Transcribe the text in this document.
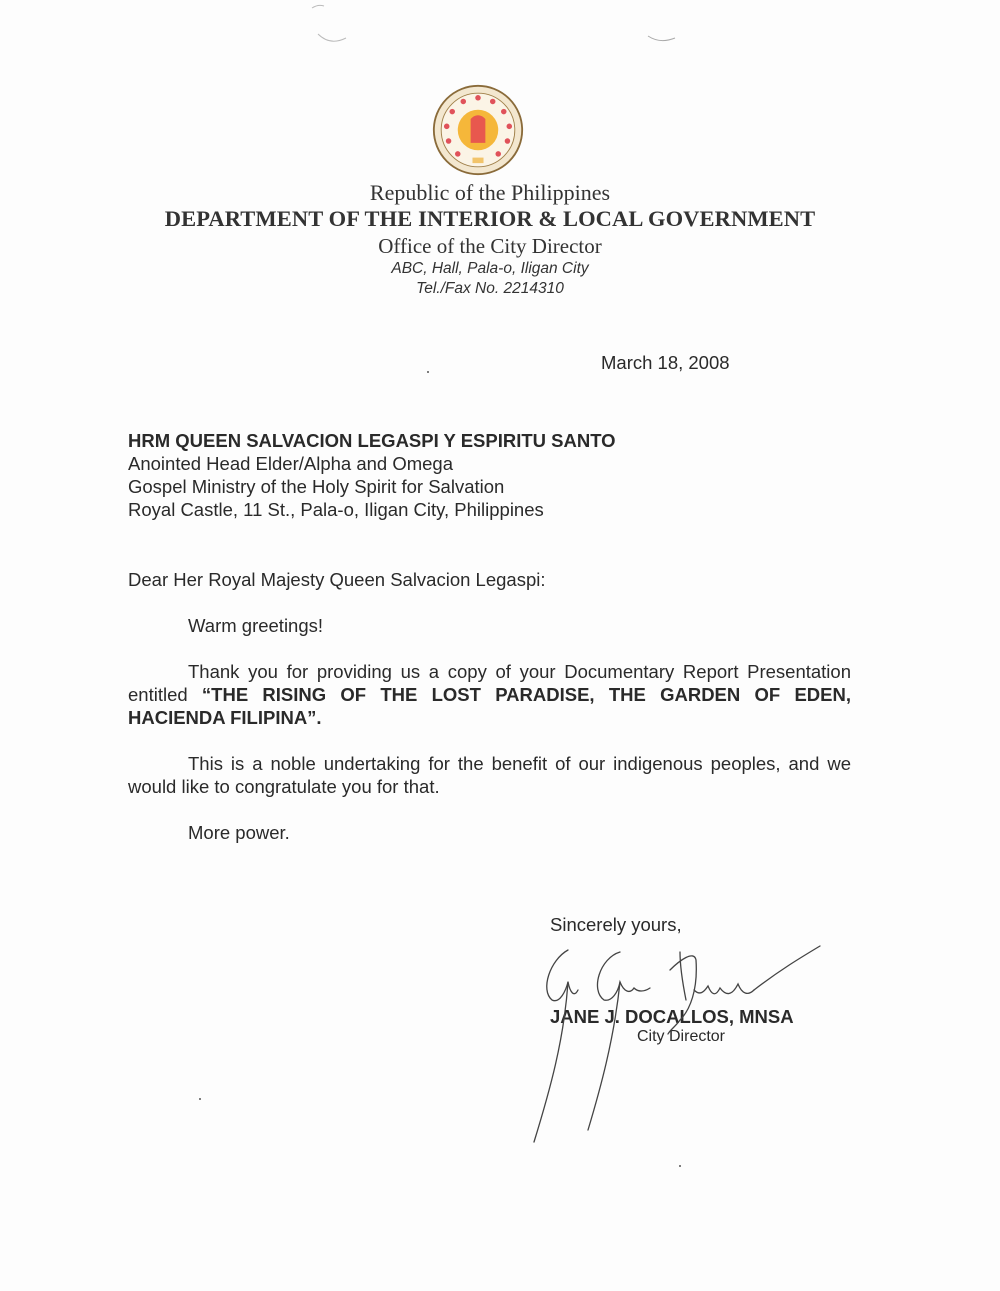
Republic of the Philippines
DEPARTMENT OF THE INTERIOR & LOCAL GOVERNMENT
Office of the City Director
ABC, Hall, Pala-o, Iligan City
Tel./Fax No. 2214310
March 18, 2008
HRM QUEEN SALVACION LEGASPI Y ESPIRITU SANTO
Anointed Head Elder/Alpha and Omega
Gospel Ministry of the Holy Spirit for Salvation
Royal Castle, 11 St., Pala-o, Iligan City, Philippines
Dear Her Royal Majesty Queen Salvacion Legaspi:
Warm greetings!
Thank you for providing us a copy of your Documentary Report Presentation entitled “THE RISING OF THE LOST PARADISE, THE GARDEN OF EDEN, HACIENDA FILIPINA”.
This is a noble undertaking for the benefit of our indigenous peoples, and we would like to congratulate you for that.
More power.
Sincerely yours,
JANE J. DOCALLOS, MNSA
City Director
